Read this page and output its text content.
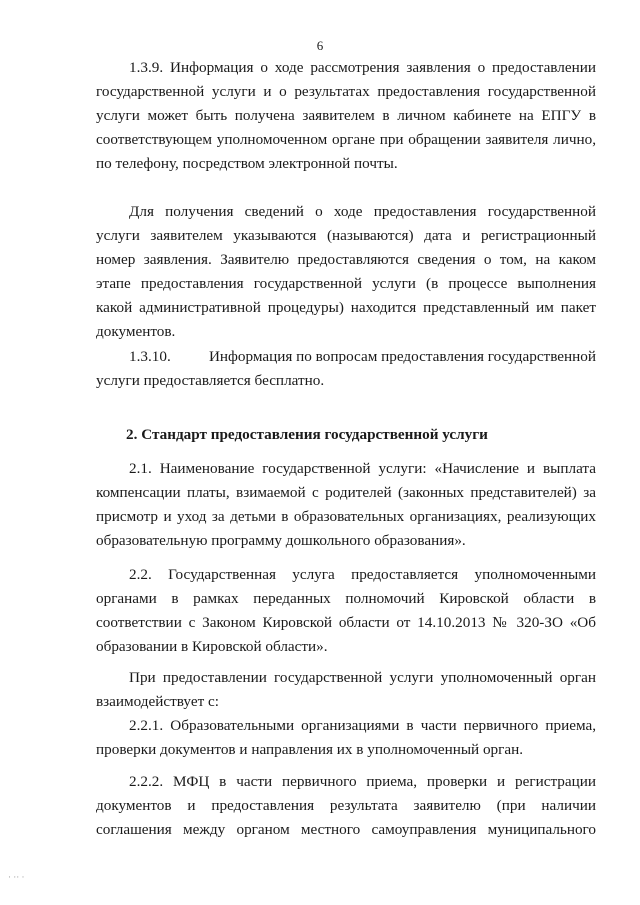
6

1.3.9. Информация о ходе рассмотрения заявления о предоставлении государственной услуги и о результатах предоставления государственной услуги может быть получена заявителем в личном кабинете на ЕПГУ в соответствующем уполномоченном органе при обращении заявителя лично, по телефону, посредством электронной почты.

Для получения сведений о ходе предоставления государственной услуги заявителем указываются (называются) дата и регистрационный номер заявления. Заявителю предоставляются сведения о том, на каком этапе предоставления государственной услуги (в процессе выполнения какой административной процедуры) находится представленный им пакет документов.

1.3.10.          Информация по вопросам предоставления государственной услуги предоставляется бесплатно.

2. Стандарт предоставления государственной услуги

2.1. Наименование государственной услуги: «Начисление и выплата компенсации платы, взимаемой с родителей (законных представителей) за присмотр и уход за детьми в образовательных организациях, реализующих образовательную программу дошкольного образования».

2.2. Государственная услуга предоставляется уполномоченными органами в рамках переданных полномочий Кировской области в соответствии с Законом Кировской области от 14.10.2013 № 320-ЗО «Об образовании в Кировской области».

При предоставлении государственной услуги уполномоченный орган взаимодействует с:

2.2.1. Образовательными организациями в части первичного приема, проверки документов и направления их в уполномоченный орган.

2.2.2. МФЦ в части первичного приема, проверки и регистрации документов и предоставления результата заявителю (при наличии соглашения между органом местного самоуправления муниципального

· ·· ·
